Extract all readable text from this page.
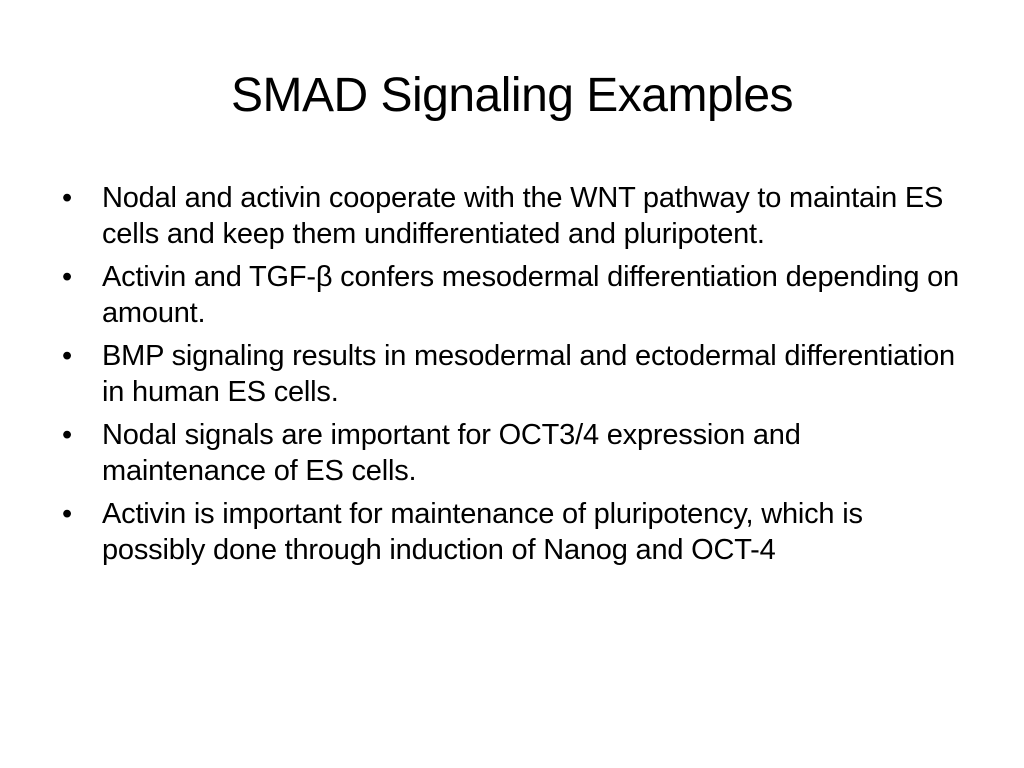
SMAD Signaling Examples
•	Nodal and activin cooperate with the WNT pathway to maintain ES cells and keep them undifferentiated and pluripotent.
•	Activin and TGF-β confers mesodermal differentiation depending on amount.
•	BMP signaling results in mesodermal and ectodermal differentiation in human ES cells.
•	Nodal signals are important for OCT3/4 expression and maintenance of ES cells.
•	Activin is important for maintenance of pluripotency, which is possibly done through induction of Nanog and OCT-4
